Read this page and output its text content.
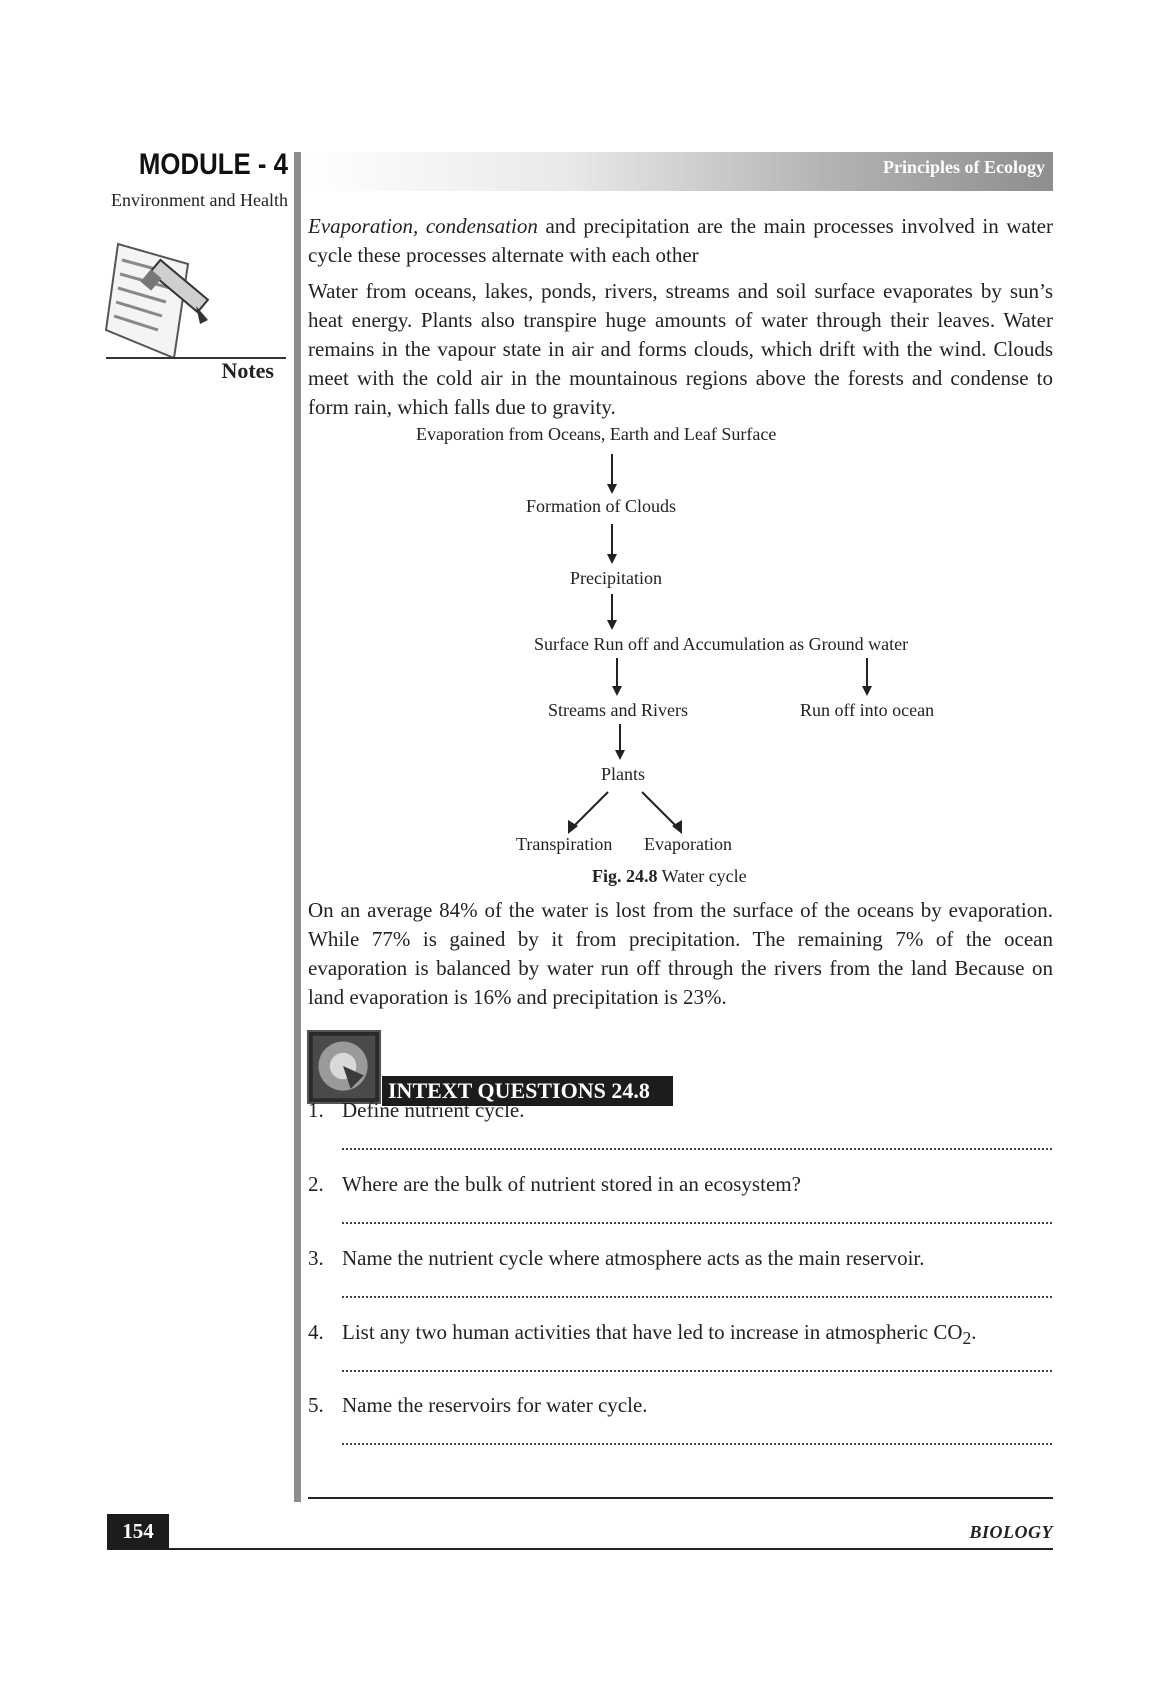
MODULE - 4
Environment and Health
Notes
Principles of Ecology
Evaporation, condensation and precipitation are the main processes involved in water cycle these processes alternate with each other
Water from oceans, lakes, ponds, rivers, streams and soil surface evaporates by sun’s heat energy. Plants also transpire huge amounts of water through their leaves. Water remains in the vapour state in air and forms clouds, which drift with the wind. Clouds meet with the cold air in the mountainous regions above the forests and condense to form rain, which falls due to gravity.
Evaporation from Oceans, Earth and Leaf Surface
Formation of Clouds
Precipitation
Surface Run off and Accumulation as Ground water
Streams and Rivers	Run off into ocean
Plants
Transpiration Evaporation
Fig. 24.8 Water cycle
On an average 84% of the water is lost from the surface of the oceans by evaporation. While 77% is gained by it from precipitation. The remaining 7% of the ocean evaporation is balanced by water run off through the rivers from the land Because on land evaporation is 16% and precipitation is 23%.
INTEXT QUESTIONS 24.8
1. Define nutrient cycle.
2. Where are the bulk of nutrient stored in an ecosystem?
3. Name the nutrient cycle where atmosphere acts as the main reservoir.
4. List any two human activities that have led to increase in atmospheric $CO_2$.
5. Name the reservoirs for water cycle.
154	BIOLOGY
